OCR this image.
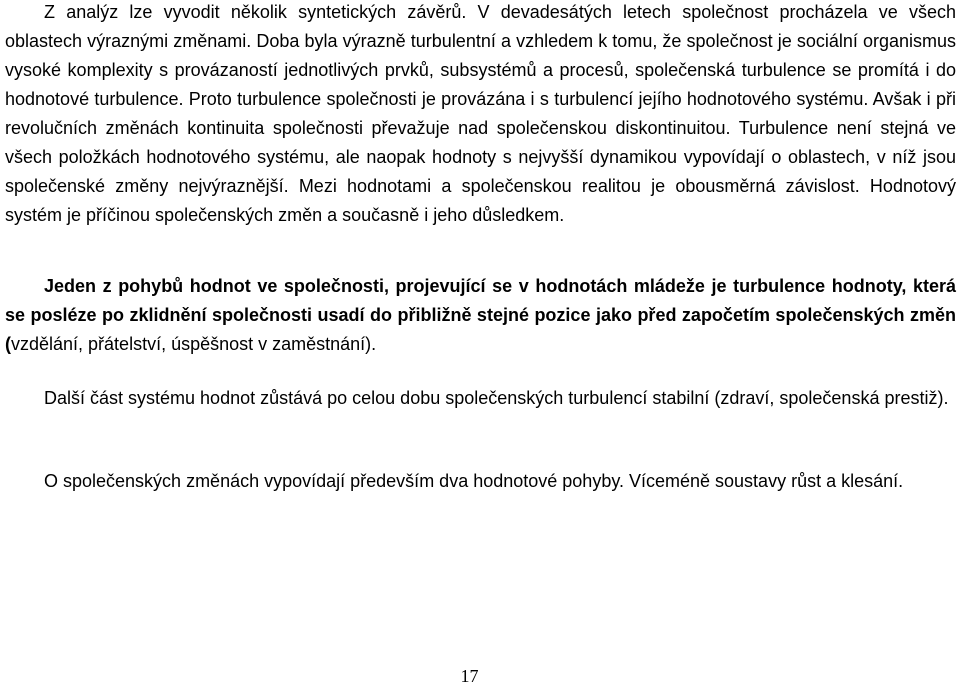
Z analýz lze vyvodit několik syntetických závěrů. V devadesátých letech společnost procházela ve všech oblastech výraznými změnami. Doba byla výrazně turbulentní a vzhledem k tomu, že společnost je sociální organismus vysoké komplexity s provázaností jednotlivých prvků, subsystémů a procesů, společenská turbulence se promítá i do hodnotové turbulence. Proto turbulence společnosti je provázána i s turbulencí jejího hodnotového systému. Avšak i při revolučních změnách kontinuita společnosti převažuje nad společenskou diskontinuitou. Turbulence není stejná ve všech položkách hodnotového systému, ale naopak hodnoty s nejvyšší dynamikou vypovídají o oblastech, v níž jsou společenské změny nejvýraznější. Mezi hodnotami a společenskou realitou je obousměrná závislost. Hodnotový systém je příčinou společenských změn a současně i jeho důsledkem.

Jeden z pohybů hodnot ve společnosti, projevující se v hodnotách mládeže je turbulence hodnoty, která se posléze po zklidnění společnosti usadí do přibližně stejné pozice jako před započetím společenských změn (vzdělání, přátelství, úspěšnost v zaměstnání).

Další část systému hodnot zůstává po celou dobu společenských turbulencí stabilní (zdraví, společenská prestiž).

O společenských změnách vypovídají především dva hodnotové pohyby. Víceméně soustavy růst a klesání.

17
